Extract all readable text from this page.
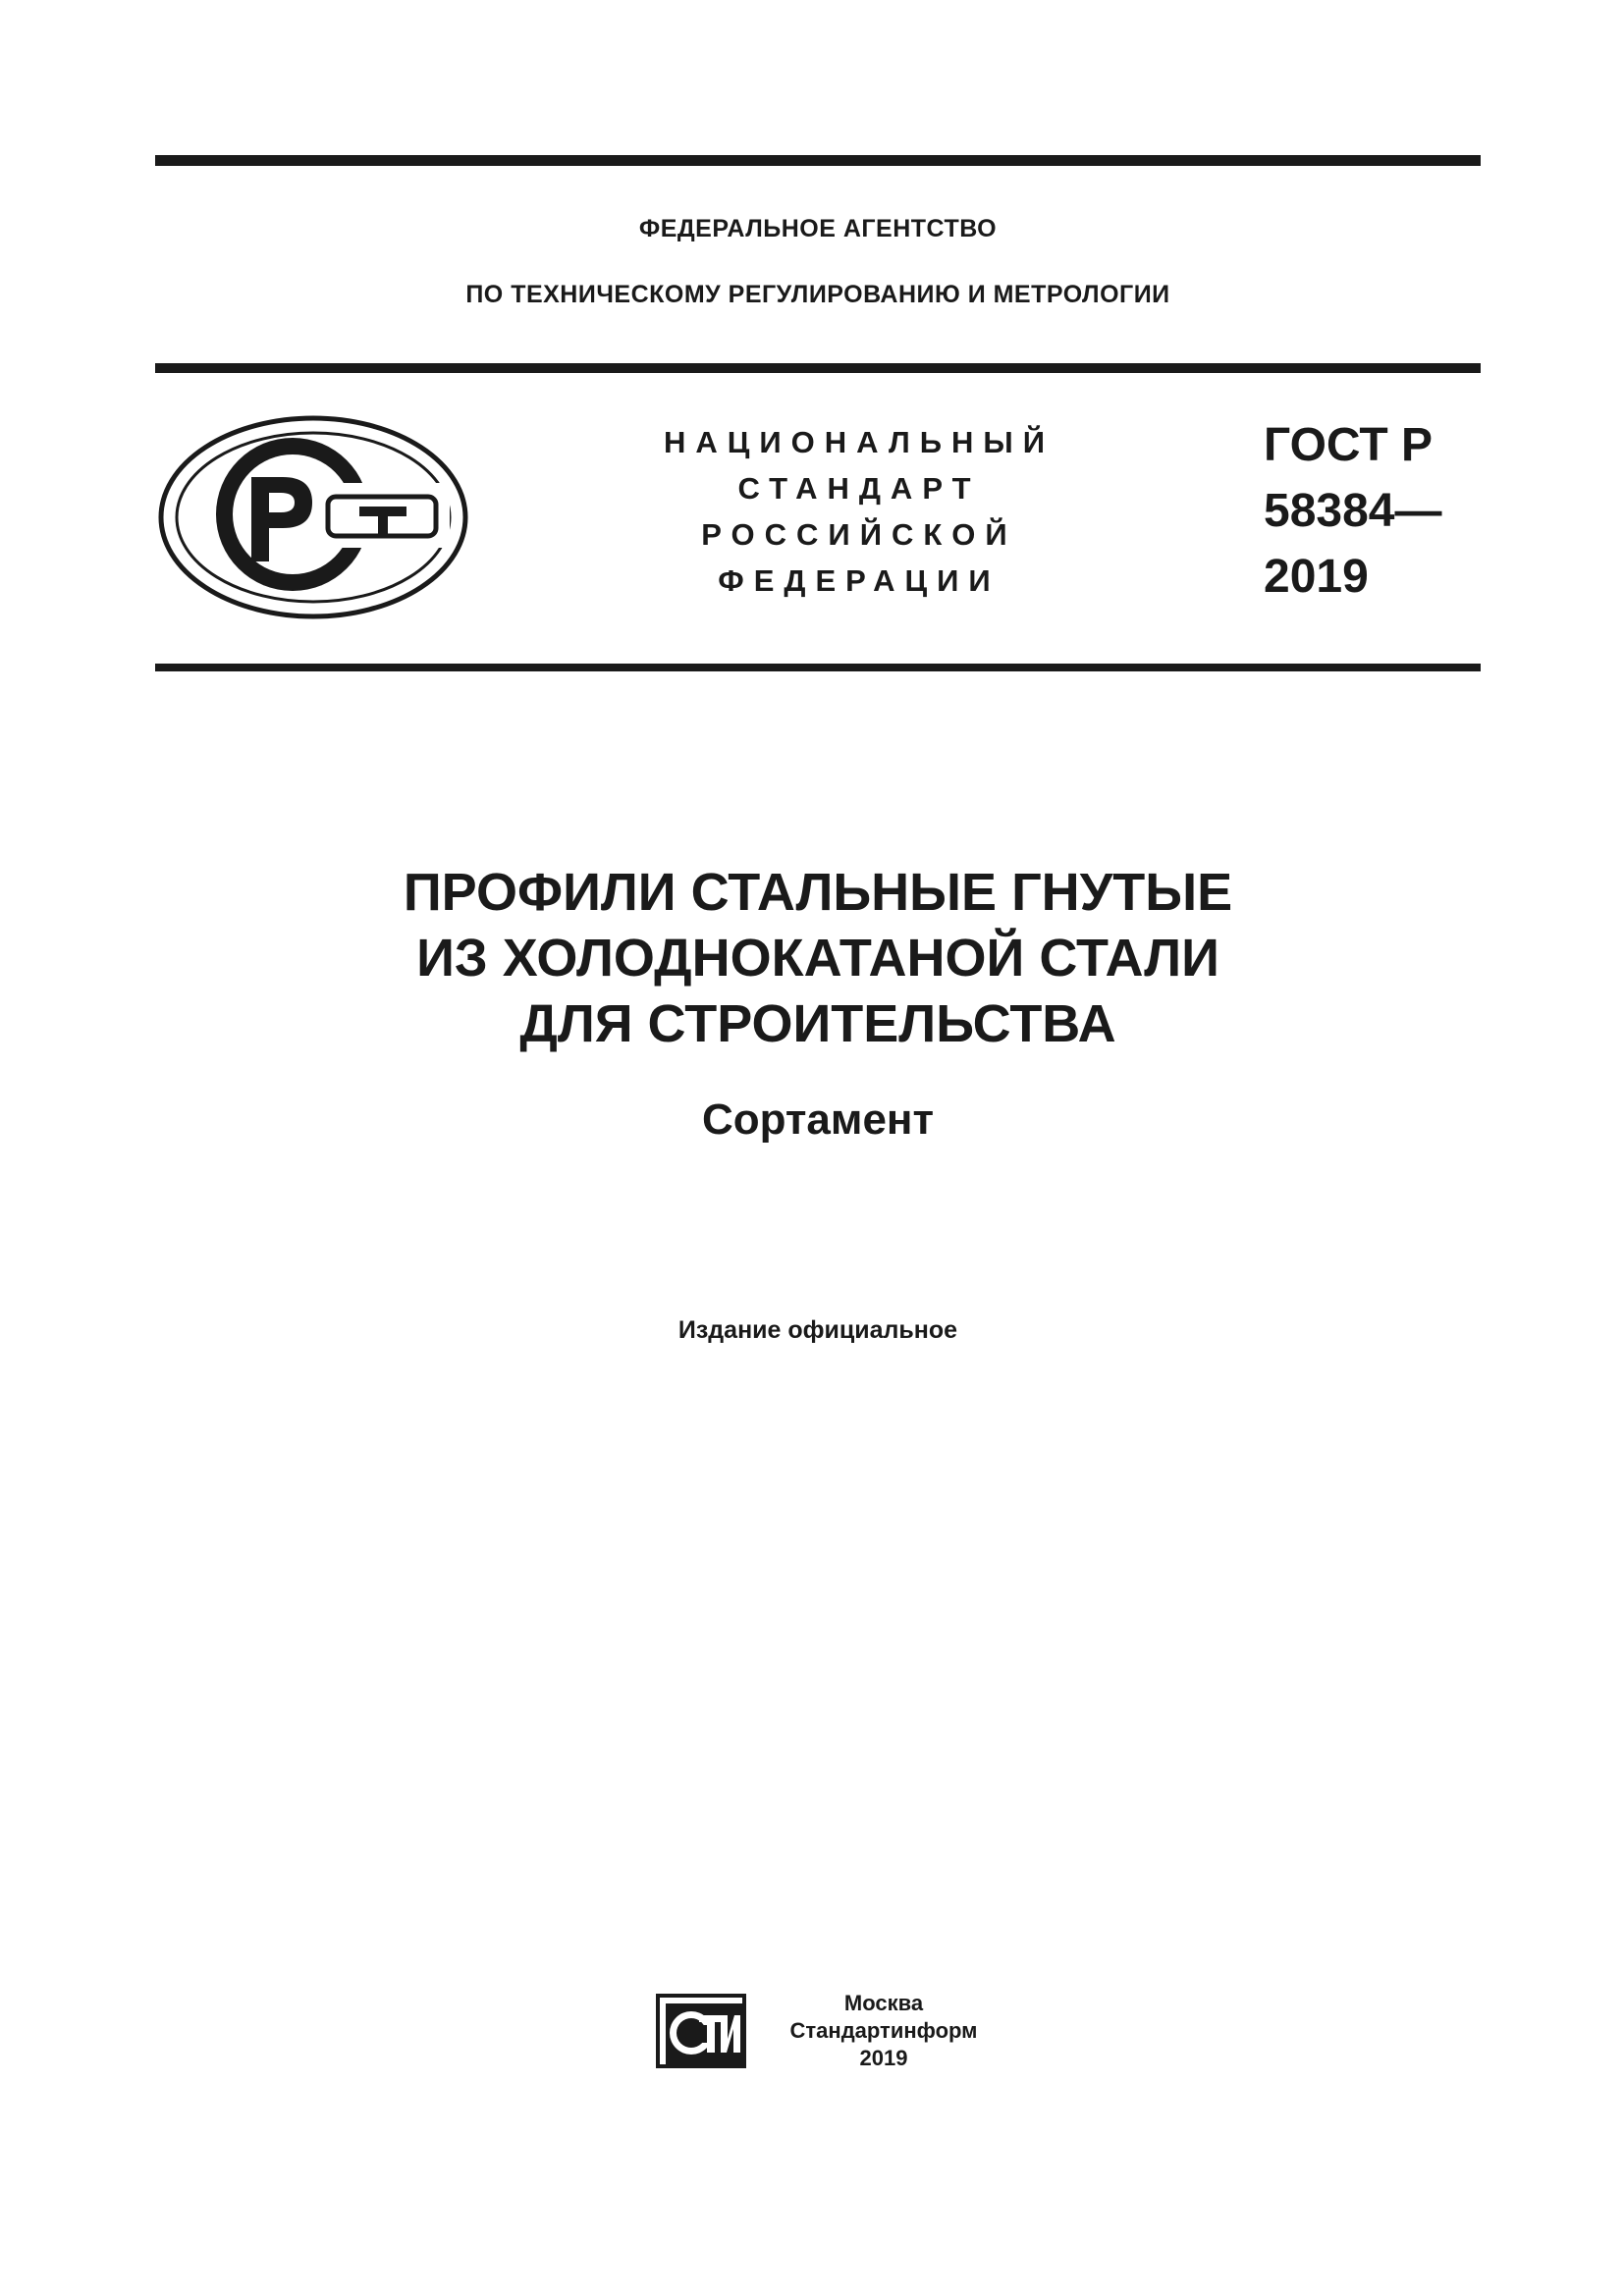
ФЕДЕРАЛЬНОЕ АГЕНТСТВО
ПО ТЕХНИЧЕСКОМУ РЕГУЛИРОВАНИЮ И МЕТРОЛОГИИ
НАЦИОНАЛЬНЫЙ
СТАНДАРТ
РОССИЙСКОЙ
ФЕДЕРАЦИИ
ГОСТ Р
58384—
2019
ПРОФИЛИ СТАЛЬНЫЕ ГНУТЫЕ
ИЗ ХОЛОДНОКАТАНОЙ СТАЛИ
ДЛЯ СТРОИТЕЛЬСТВА
Сортамент
Издание официальное
Москва
Стандартинформ
2019
